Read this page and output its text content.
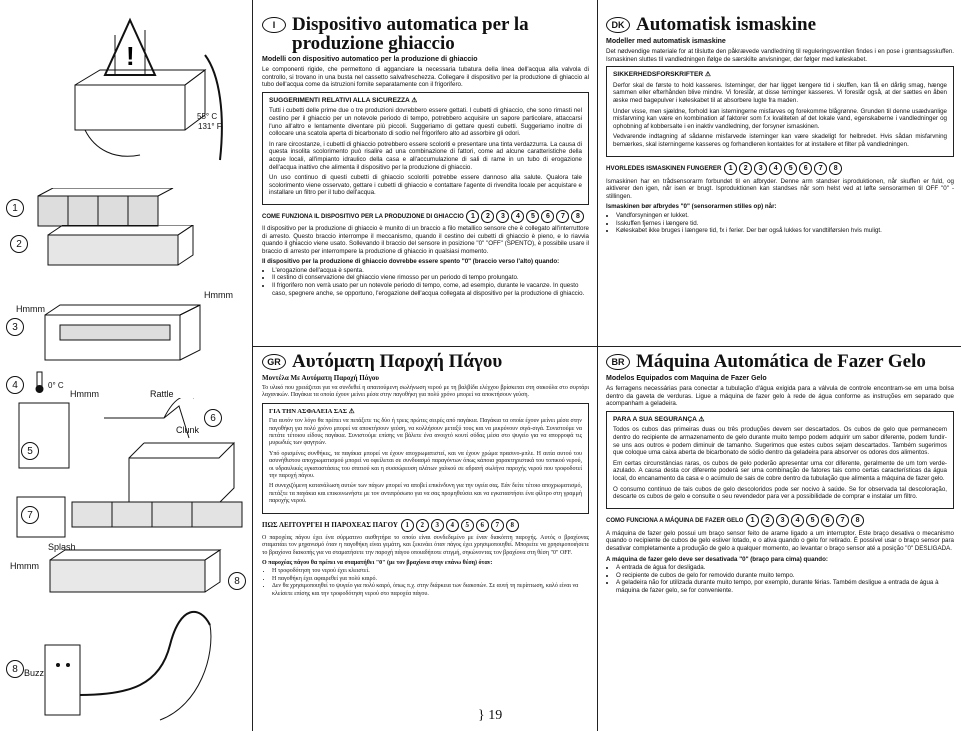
!
55° C
131° F
1
2
Hmmm
Hmmm
3
4	0° C
Hmmm	Rattle
Clunk
5
6
7
Splash
Hmmm
8
8 Buzz
I Dispositivo automatica per la
produzione ghiaccio
Modelli con dispositivo automatico per la produzione di ghiaccio

Le componenti rigide, che permettono di agganciare la necessaria tubatura della linea dell'acqua alla valvola di controllo, si trovano in una busta nel cassetto salvafreschezza. Collegare il dispositivo per la produzione di ghiaccio al tubo dell'acqua come da istruzioni fornite separatamente con il frigorifero.

SUGGERIMENTI RELATIVI ALLA SICUREZZA ⚠

Tutti i cubetti delle prime due o tre produzioni dovrebbero essere gettati. I cubetti di ghiaccio, che sono rimasti nel cestino per il ghiaccio per un notevole periodo di tempo, potrebbero acquisire un sapore particolare, attaccarsi l'uno all'altro e lentamente diventare più piccoli. Suggeriamo di gettare questi cubetti. Suggeriamo inoltre di collocare una scatola aperta di bicarbonato di sodio nel frigorifero alto ad assorbire gli odori.

In rare circostanze, i cubetti di ghiaccio potrebbero essere scoloriti e presentare una tinta verdazzurra. La causa di questa insolita scolorimento può risalire ad una combinazione di fattori, come ad alcune caratteristiche della acque locali, all'impianto idraulico della casa e all'accumulazione di sali di rame in un tubo di erogazione dell'acqua inattivo che alimenta il dispositivo per la produzione di ghiaccio.

Un uso continuo di questi cubetti di ghiaccio scoloriti potrebbe essere dannoso alla salute. Qualora tale scolorimento viene osservato, gettare i cubetti di ghiaccio e contattare l'agente di rivendita locale per acquistare e installare un filtro per il tubo dell'acqua.

COME FUNZIONA IL DISPOSITIVO PER LA PRODUZIONE DI GHIACCIO	1	2	3	4	5	6	7	8

Il dispositivo per la produzione di ghiaccio è munito di un braccio a filo metallico sensore che è collegato all'interruttore di arresto. Questo braccio interrompe il meccanismo, quando il cestino dei cubetti di ghiaccio è pieno, e lo riavvia quando il ghiaccio viene usato. Sollevando il braccio del sensore in posizione "0" "OFF" (SPENTO), è possibile usare il braccio di arresto per interrompere la produzione di ghiaccio in qualsiasi momento.

Il dispositivo per la produzione di ghiaccio dovrebbe essere spento "0" (braccio verso l'alto) quando:
• L'erogazione dell'acqua è spenta.
• Il cestino di conservazione del ghiaccio viene rimosso per un periodo di tempo prolungato.
• Il frigorifero non verrà usato per un notevole periodo di tempo, come, ad esempio, durante le vacanze. In questo caso, spegnere anche, se opportuno, l'erogazione dell'acqua collegata al dispositivo per la produzione di ghiaccio.
DK Automatisk ismaskine
Modeller med automatisk ismaskine

Det nødvendige materiale for at tilslutte den påkrævede vandledning til reguleringsventilen findes i en pose i grøntsagsskuffen. Ismaskinen sluttes til vandledningen ifølge de særskilte anvisninger, der følger med køleskabet.

SIKKERHEDSFORSKRIFTER ⚠

Derfor skal de første to hold kasseres. Isterninger, der har ligget længere tid i skuffen, kan få en dårlig smag, hænge sammen eller efterhånden blive mindre. Vi foreslår, at disse terninger kasseres. Vi foreslår også, at der sættes en åben æske med bagepulver i køleskabet til at absorbere lugte fra maden.

Under visse, men sjældne, forhold kan isterningerne misfarves og forekomme blågrønne. Grunden til denne usædvanlige misfarvning kan være en kombination af faktorer som f.x kvaliteten af det lokale vand, egenskaberne i vandledninger og ophobning af kobbersalte i en inaktiv vandledning, der forsyner ismaskinen.

Vedvarende indtagning af sådanne misfarvede isterninger kan være skadeligt for helbredet. Hvis sådan misfarvning bemærkes, skal isterningerne kasseres og forhandleren kontaktes for at installere et filter på vandledningen.

HVORLEDES ISMASKINEN FUNGERER	1	2	3	4	5	6	7	8

Ismaskinen har en trådsensorarm forbundet til en afbryder. Denne arm standser isproduktionen, når skuffen er fuld, og aktiverer den igen, når isen er brugt. Isproduktionen kan standses når som helst ved at løfte sensorarmen til OFF "0" - stillingen.

Ismaskinen bør afbrydes "0" (sensorarmen stilles op) når:
• Vandforsyningen er lukket.
• Isskuffen fjernes i længere tid.
• Køleskabet ikke bruges i længere tid, fx i ferier. Der bør også lukkes for vandtilførslen hvis muligt.
GR Αυτόματη Παροχή Πάγου
Μοντέλα Με Αυτόματη Παροχή Πάγου

Το υλικό που χρειάζεται για να συνδεθεί η απαιτούμενη σωλήνωση νερού με τη βαλβίδα ελέγχου βρίσκεται στη σακούλα στο συρτάρι λαχανικών. Παγάκια τα οποία έχουν μείνει μέσα στην παγοθήκη για πολύ χρόνο μπορεί να αποκτήσουν γεύση.

ΓΙΑ ΤΗΝ ΑΣΦΑΛΕΙΑ ΣΑΣ ⚠

Για αυτόν τον λόγο θα πρέπει να πετάξετε τις δύο ή τρεις πρώτες σειρές από παγάκια. Παγάκια τα οποία έχουν μείνει μέσα στην παγοθήκη για πολύ χρόνο μπορεί να αποκτήσουν γεύση, να κολλήσουν μεταξύ τους και να μικρύνουν σιγά-σιγά. Συνιστούμε να πετάτε τέτοιου είδους παγάκια. Συνιστούμε επίσης να βάλετε ένα ανοιχτό κουτί σόδας μέσα στο ψυγείο για να απορροφά τις μυρωδιές των φαγητών.

Υπό ορισμένες συνθήκες, τα παγάκια μπορεί να έχουν αποχρωματιστεί, και να έχουν χρώμα πρασινο-μπλε. Η αιτία αυτού του ασυνήθιστου αποχρωματισμού μπορεί να οφείλεται σε συνδυασμό παραγόντων όπως κάποια χαρακτηριστικά του τοπικού νερού, οι υδραυλικές εγκαταστάσεις του σπιτιού και η συσσώρευση αλάτων χαλκού σε αδρανή σωλήνα παροχής νερού που τροφοδοτεί την παροχή πάγου.

Η συνεχιζόμενη κατανάλωση αυτών των πάγων μπορεί να αποβεί επικίνδυνη για την υγεία σας. Εάν δείτε τέτοιο αποχρωματισμό, πετάξτε τα παγάκια και επικοινωνήστε με τον αντιπρόσωπο για να σας προμηθεύσει και να εγκαταστήσει ένα φίλτρο στη γραμμή παροχής νερού.

ΠΩΣ ΛΕΙΤΟΥΡΓΕΙ Η ΠΑΡΟΧΕΑΣ ΠΑΓΟΥ	1	2	3	4	5	6	7	8

Ο παροχέας πάγου έχει ένα σύρματινο αισθητήρα το οποίο είναι συνδεδεμένο με έναν διακόπτη παροχής. Αυτός ο βραχίονας σταματάει τον μηχανισμό όταν η παγοθήκη είναι γεμάτη, και ξεκινάει όταν πάγος έχει χρησιμοποιηθεί. Μπορείτε να χρησιμοποιήσετε το βραχίονα διακοπής για να σταματήσετε την παροχή πάγου οποιαδήποτε στιγμή, σηκώνοντας τον βραχίονα στη θέση "0" OFF.

Ο παροχέας πάγου θα πρέπει να σταματήθει "0" (με τον βραχίονα στην επάνω θέση) όταν:
• Η τροφοδότηση του νερού έχει κλειστεί.
• Η παγοθήκη έχει αφαιρεθεί για πολύ καιρό.
• Δεν θα χρησιμοποιηθεί το ψυγείο για πολύ καιρό, όπως π.χ. στην διάρκεια των διακοπών. Σε αυτή τη περίπτωση, καλό είναι να κλείσετε επίσης και την τροφοδότηση νερού στο παροχέα πάγου.
BR Máquina Automática de Fazer Gelo
Modelos Equipados com Maquina de Fazer Gelo

As ferragens necessárias para conectar a tubulação d'água exigida para a válvula de controle encontram-se em uma bolsa dentro da gaveta de verduras. Ligue a máquina de fazer gelo à rede de água conforme as instruções em separado que acompanham a geladeira.

PARA A SUA SEGURANÇA ⚠

Todos os cubos das primeiras duas ou três produções devem ser descartados. Os cubos de gelo que permanecem dentro do recipiente de armazenamento de gelo durante muito tempo podem adquirir um sabor diferente, podem fundir-se uns aos outros e podem diminuir de tamanho. Sugerimos que estes cubos sejam descartados. Também sugerimos que coloque uma caixa aberta de bicarbonato de sódio dentro da geladeira para absorver os odores dos alimentos.

Em certas circunstâncias raras, os cubos de gelo poderão apresentar uma cor diferente, geralmente de um tom verde-azulado. A causa desta cor diferente poderá ser uma combinação de fatores tais como certas características da água local, do encanamento da casa e o acúmulo de sais de cobre dentro da tubulação que alimenta a máquina de fazer gelo.

O consumo contínuo de tais cubos de gelo descoloridos pode ser nocivo à saúde. Se for observada tal descoloração, descarte os cubos de gelo e consulte o seu revendedor para ver a possibilidade de comprar e instalar um filtro.

COMO FUNCIONA A MÁQUINA DE FAZER GELO	1	2	3	4	5	6	7	8

A máquina de fazer gelo possui um braço sensor feito de arame ligado a um interruptor. Este braço desativa o mecanismo quando o recipiente de cubos de gelo estiver lotado, e o ativa quando o gelo for retirado. É possível usar o braço sensor para desativar completamente a produção de gelo a qualquer momento, ao levantar o braço sensor até a posição "0" DESLIGADA.

A máquina de fazer gelo deve ser desativada "0" (braço para cima) quando:
• A entrada de água for desligada.
• O recipiente de cubos de gelo for removido durante muito tempo.
• A geladeira não for utilizada durante muito tempo, por exemplo, durante férias. Também desligue a entrada de água à máquina de fazer gelo, se for conveniente.
} 19
